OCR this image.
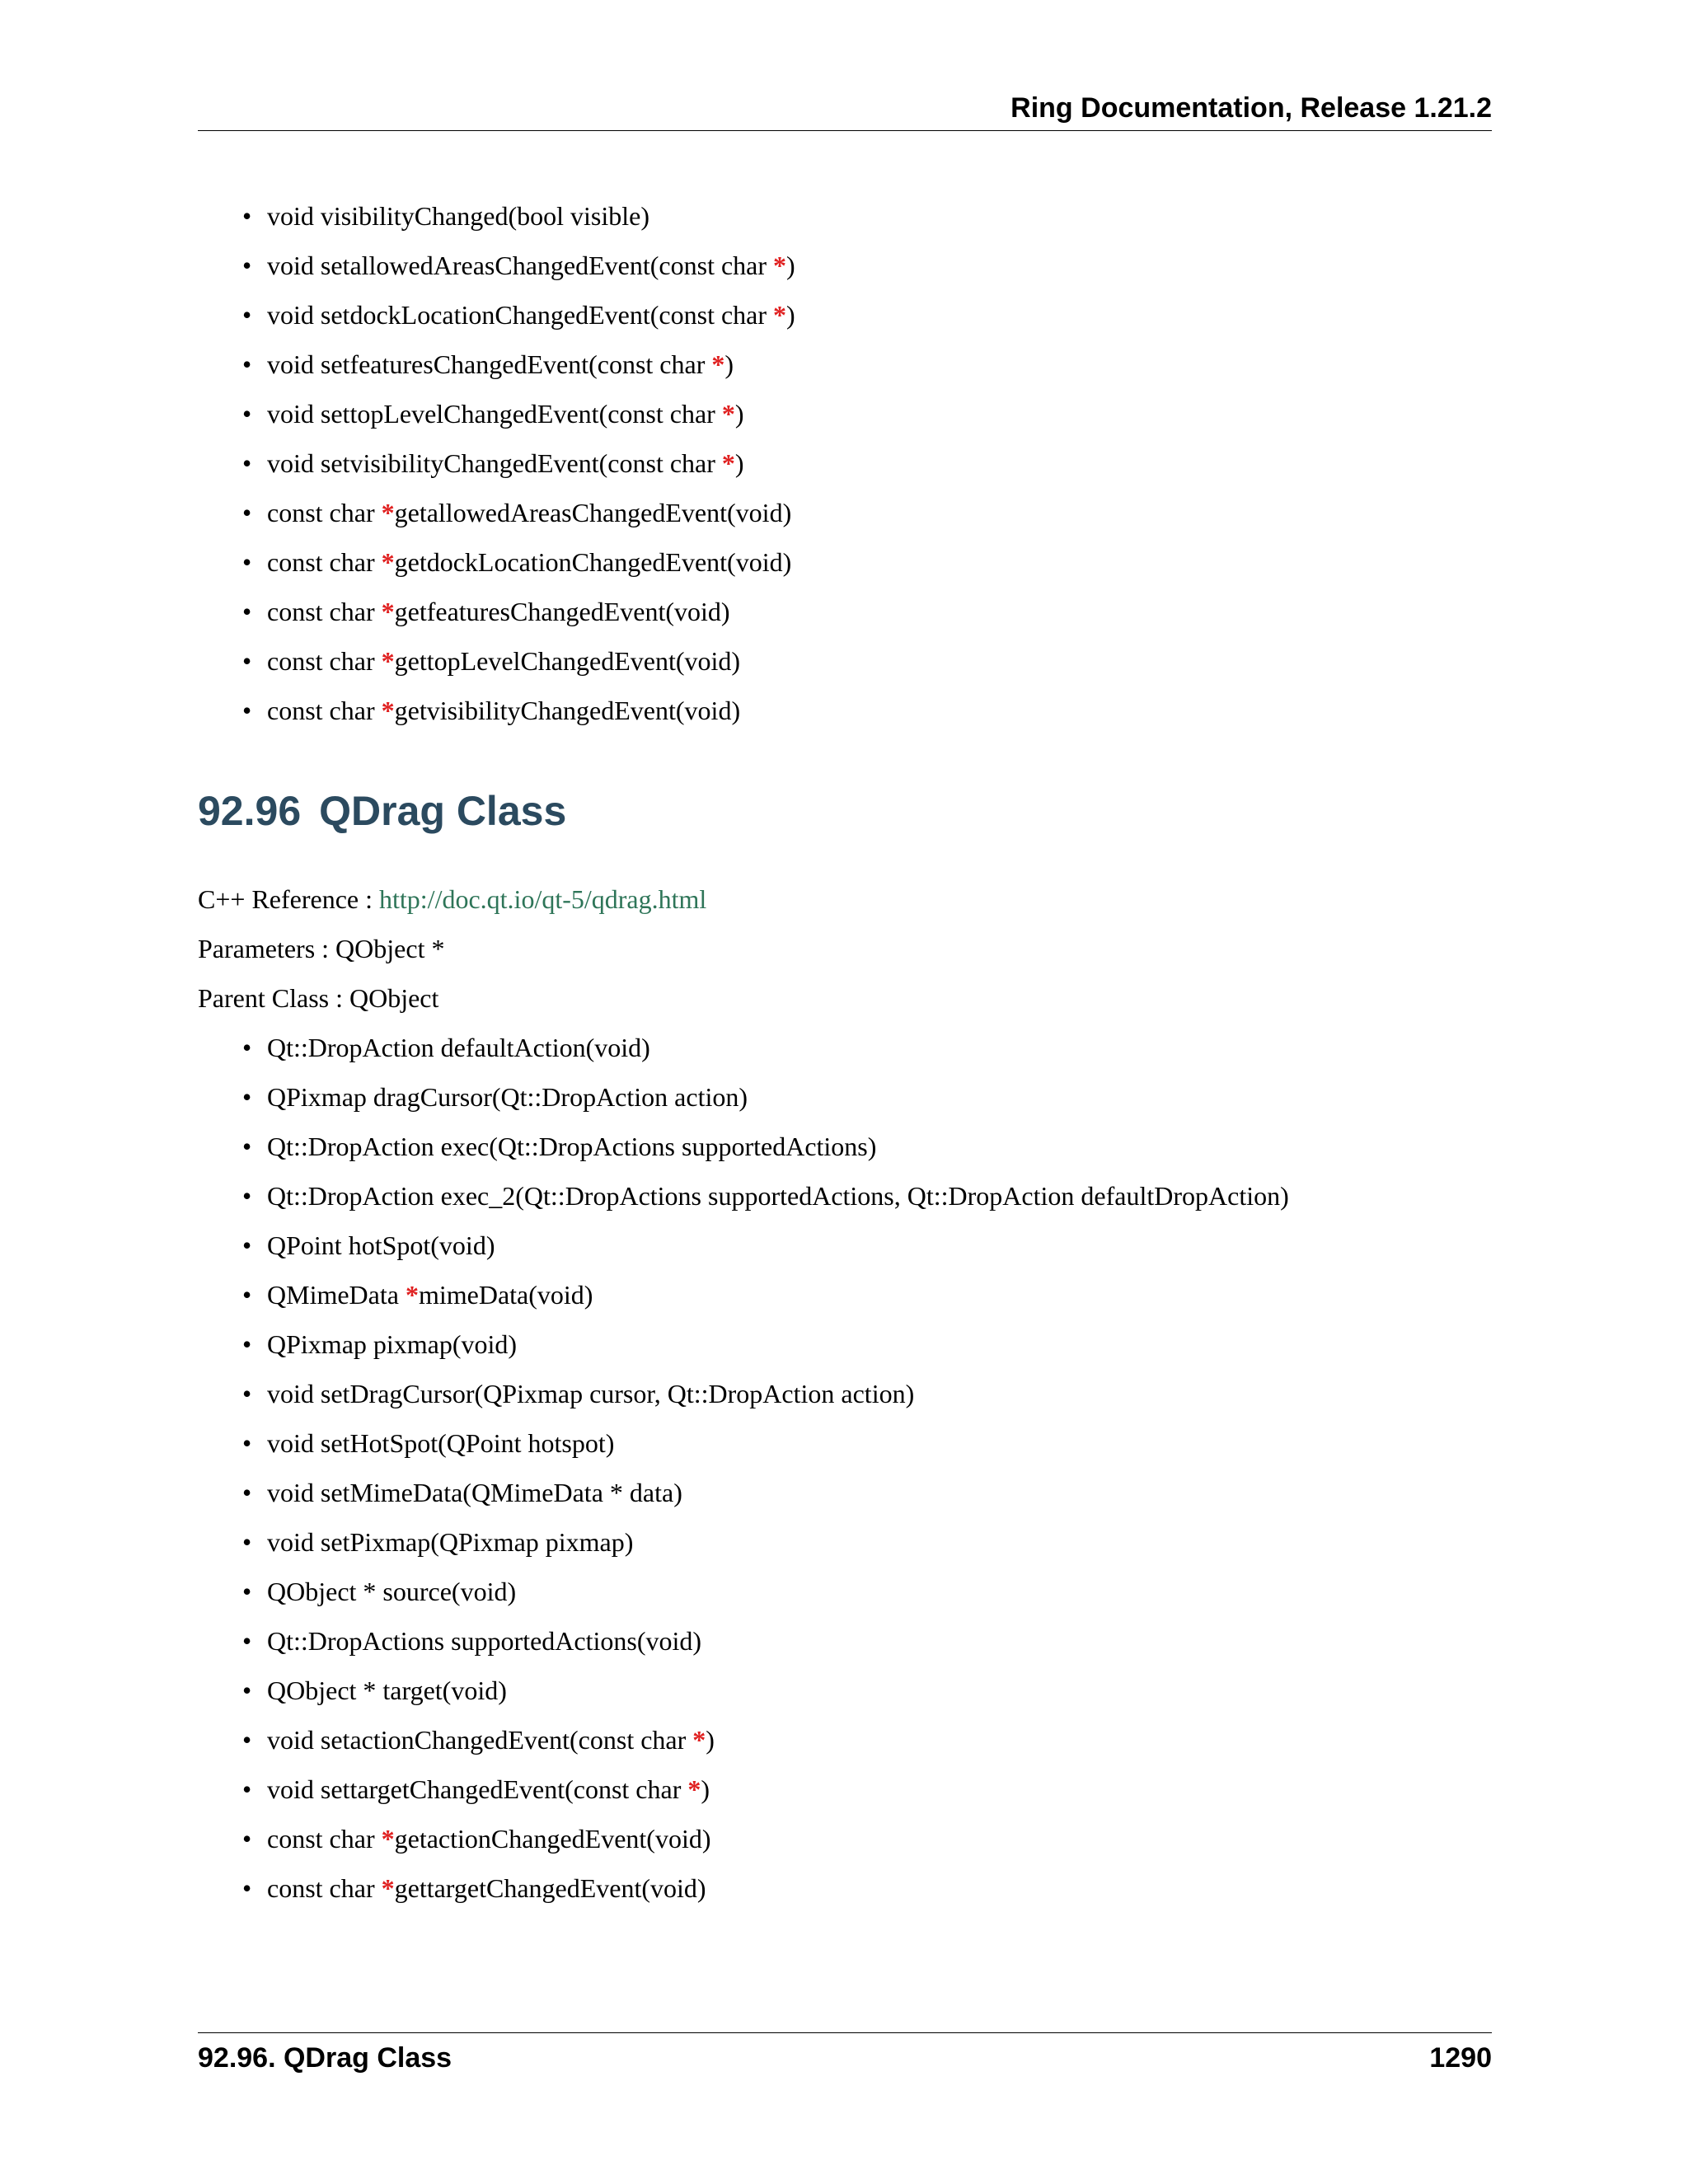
Ring Documentation, Release 1.21.2
• void visibilityChanged(bool visible)
• void setallowedAreasChangedEvent(const char *)
• void setdockLocationChangedEvent(const char *)
• void setfeaturesChangedEvent(const char *)
• void settopLevelChangedEvent(const char *)
• void setvisibilityChangedEvent(const char *)
• const char *getallowedAreasChangedEvent(void)
• const char *getdockLocationChangedEvent(void)
• const char *getfeaturesChangedEvent(void)
• const char *gettopLevelChangedEvent(void)
• const char *getvisibilityChangedEvent(void)
92.96 QDrag Class
C++ Reference : http://doc.qt.io/qt-5/qdrag.html
Parameters : QObject *
Parent Class : QObject
• Qt::DropAction defaultAction(void)
• QPixmap dragCursor(Qt::DropAction action)
• Qt::DropAction exec(Qt::DropActions supportedActions)
• Qt::DropAction exec_2(Qt::DropActions supportedActions, Qt::DropAction defaultDropAction)
• QPoint hotSpot(void)
• QMimeData *mimeData(void)
• QPixmap pixmap(void)
• void setDragCursor(QPixmap cursor, Qt::DropAction action)
• void setHotSpot(QPoint hotspot)
• void setMimeData(QMimeData * data)
• void setPixmap(QPixmap pixmap)
• QObject * source(void)
• Qt::DropActions supportedActions(void)
• QObject * target(void)
• void setactionChangedEvent(const char *)
• void settargetChangedEvent(const char *)
• const char *getactionChangedEvent(void)
• const char *gettargetChangedEvent(void)
92.96. QDrag Class	1290
